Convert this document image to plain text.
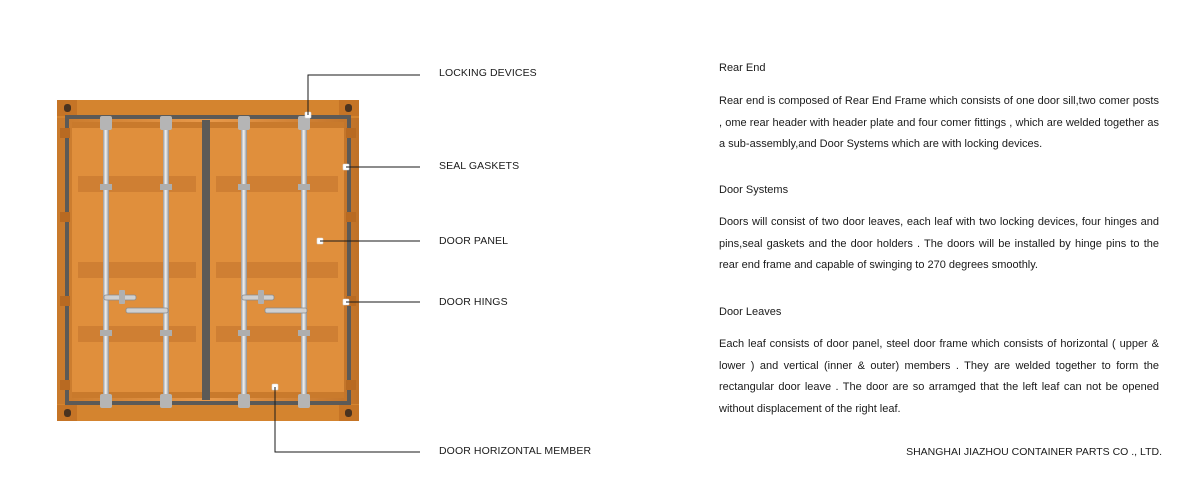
LOCKING DEVICES
SEAL GASKETS
DOOR PANEL
DOOR HINGS
DOOR HORIZONTAL MEMBER
Rear End

Rear end is composed of Rear End Frame which consists of one door sill,two comer posts , ome rear header with header plate and four comer fittings , which are welded together as a sub-assembly,and Door Systems which are with locking devices.

Door Systems

Doors will consist of two door leaves, each leaf with two locking devices, four hinges and pins,seal gaskets and the door holders . The doors will be installed by hinge pins to the rear end frame and capable of swinging to 270 degrees smoothly.

Door Leaves

Each leaf consists of door panel, steel door frame which consists of horizontal ( upper & lower ) and vertical (inner & outer) members . They are welded together to form the rectangular door leave . The door are so arramged that the left leaf can not be opened without displacement of the right leaf.

SHANGHAI JIAZHOU CONTAINER PARTS CO ., LTD.
